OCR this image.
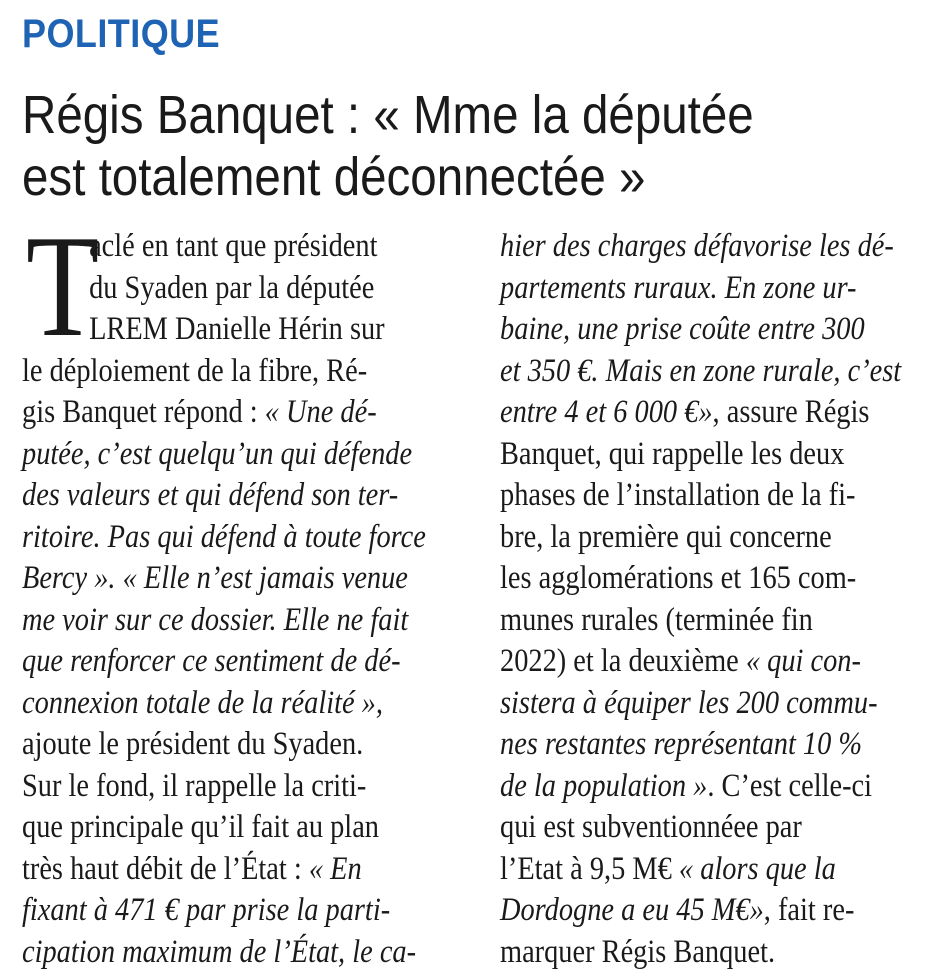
POLITIQUE
Régis Banquet : « Mme la députée
est totalement déconnectée »
T
aclé en tant que président
du Syaden par la députée
LREM Danielle Hérin sur
le déploiement de la fibre, Ré-
gis Banquet répond : « Une dé-
putée, c’est quelqu’un qui défende
des valeurs et qui défend son ter-
ritoire. Pas qui défend à toute force
Bercy ». « Elle n’est jamais venue
me voir sur ce dossier. Elle ne fait
que renforcer ce sentiment de dé-
connexion totale de la réalité »,
ajoute le président du Syaden.
Sur le fond, il rappelle la criti-
que principale qu’il fait au plan
très haut débit de l’État : « En
fixant à 471 € par prise la parti-
cipation maximum de l’État, le ca-
hier des charges défavorise les dé-
partements ruraux. En zone ur-
baine, une prise coûte entre 300
et 350 €. Mais en zone rurale, c’est
entre 4 et 6 000 €», assure Régis
Banquet, qui rappelle les deux
phases de l’installation de la fi-
bre, la première qui concerne
les agglomérations et 165 com-
munes rurales (terminée fin
2022) et la deuxième « qui con-
sistera à équiper les 200 commu-
nes restantes représentant 10 %
de la population ». C’est celle-ci
qui est subventionnéee par
l’Etat à 9,5 M€ « alors que la
Dordogne a eu 45 M€», fait re-
marquer Régis Banquet.
